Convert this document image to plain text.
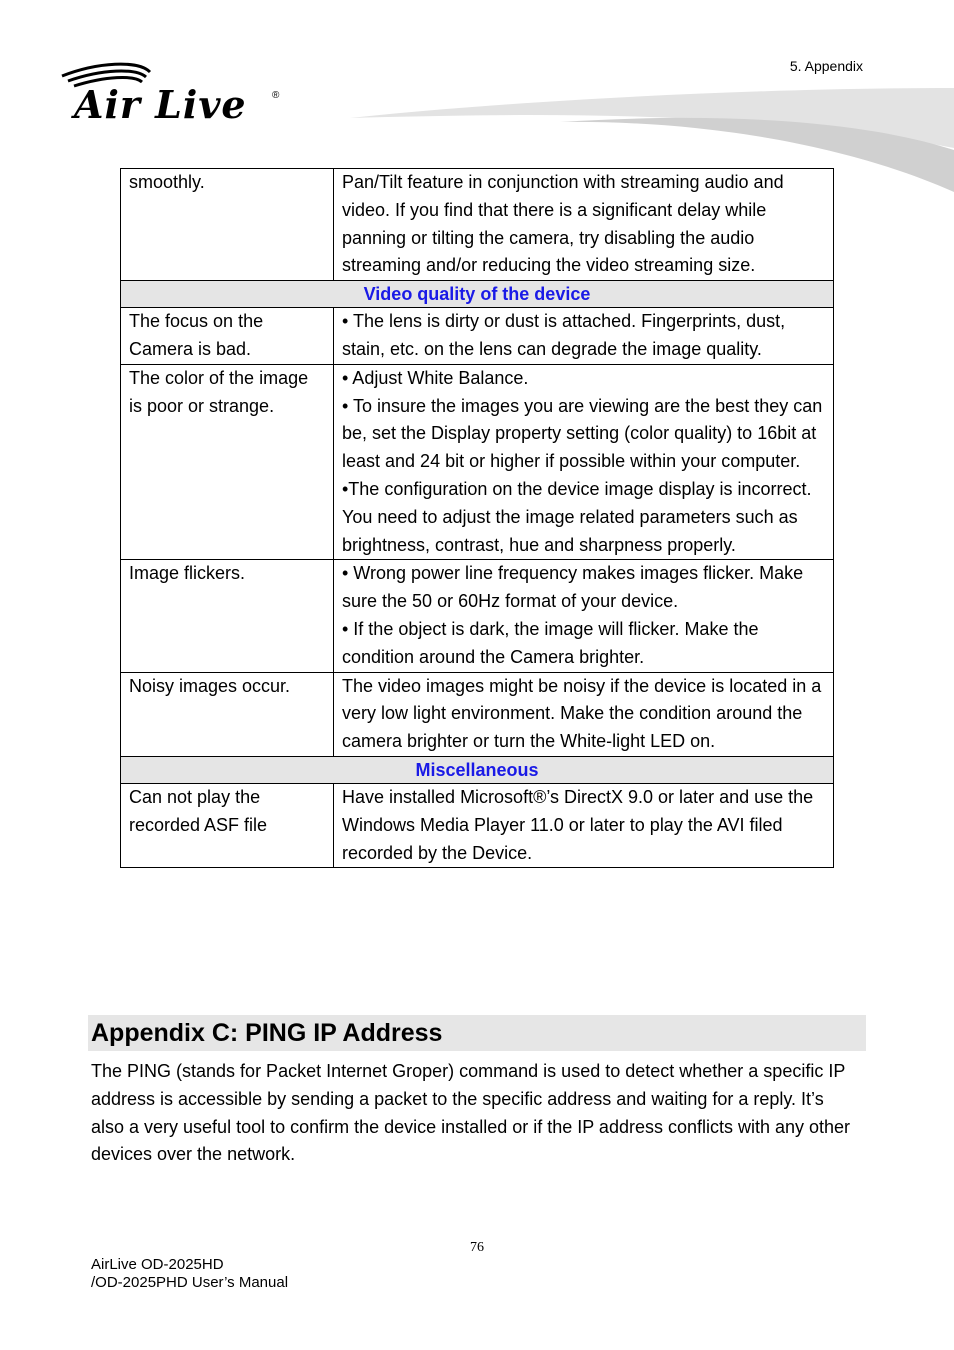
Air Live	®
5. Appendix
smoothly.	Pan/Tilt feature in conjunction with streaming audio and video. If you find that there is a significant delay while panning or tilting the camera, try disabling the audio streaming and/or reducing the video streaming size.

Video quality of the device	
The focus on the Camera is bad.	• The lens is dirty or dust is attached. Fingerprints, dust, stain, etc. on the lens can degrade the image quality.

The color of the image is poor or strange.	• Adjust White Balance.

• To insure the images you are viewing are the best they can be, set the Display property setting (color quality) to 16bit at least and 24 bit or higher if possible within your computer.

•The configuration on the device image display is incorrect. You need to adjust the image related parameters such as brightness, contrast, hue and sharpness properly.

Image flickers.	• Wrong power line frequency makes images flicker. Make sure the 50 or 60Hz format of your device.

• If the object is dark, the image will flicker. Make the condition around the Camera brighter.

Noisy images occur.	The video images might be noisy if the device is located in a very low light environment. Make the condition around the camera brighter or turn the White-light LED on.

Miscellaneous	
Can not play the recorded ASF file	Have installed Microsoft®’s DirectX 9.0 or later and use the Windows Media Player 11.0 or later to play the AVI filed recorded by the Device.

Appendix C: PING IP Address
The PING (stands for Packet Internet Groper) command is used to detect whether a specific IP address is accessible by sending a packet to the specific address and waiting for a reply. It’s also a very useful tool to confirm the device installed or if the IP address conflicts with any other devices over the network.
76
AirLive OD-2025HD
/OD-2025PHD User’s Manual
